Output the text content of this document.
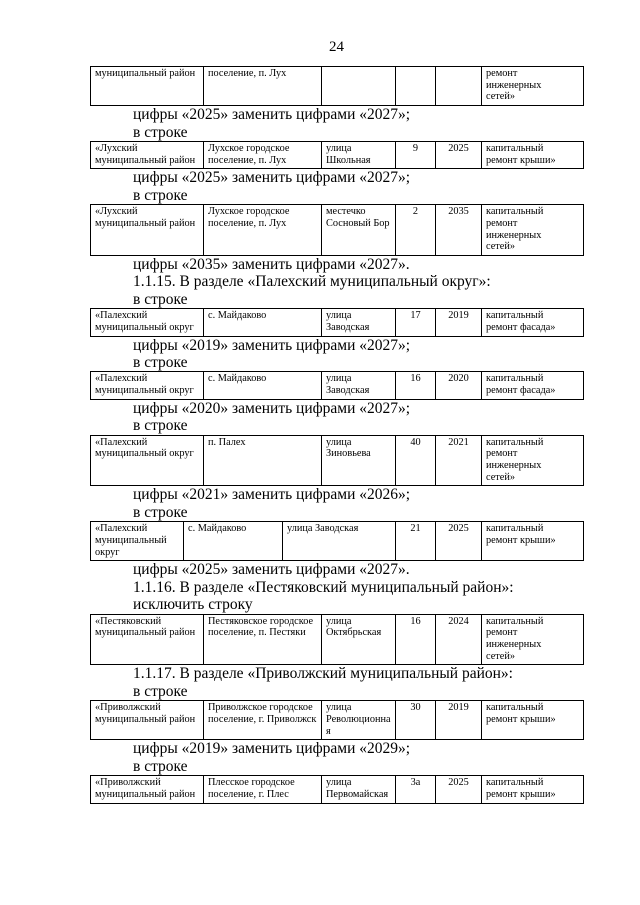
24
муниципальный район	поселение, п. Лух				ремонт инженерных сетей»

цифры «2025» заменить цифрами «2027»;

в строке

«Лухский муниципальный район	Лухское городское поселение, п. Лух	улица Школьная	9	2025	капитальный ремонт крыши»

цифры «2025» заменить цифрами «2027»;

в строке

«Лухский муниципальный район	Лухское городское поселение, п. Лух	местечко Сосновый Бор	2	2035	капитальный ремонт инженерных сетей»

цифры «2035» заменить цифрами «2027».

1.1.15. В разделе «Палехский муниципальный округ»:

в строке

«Палехский муниципальный округ	с. Майдаково	улица Заводская	17	2019	капитальный ремонт фасада»

цифры «2019» заменить цифрами «2027»;

в строке

«Палехский муниципальный округ	с. Майдаково	улица Заводская	16	2020	капитальный ремонт фасада»

цифры «2020» заменить цифрами «2027»;

в строке

«Палехский муниципальный округ	п. Палех	улица Зиновьева	40	2021	капитальный ремонт инженерных сетей»

цифры «2021» заменить цифрами «2026»;

в строке

«Палехский муниципальный округ	с. Майдаково	улица Заводская	21	2025	капитальный ремонт крыши»

цифры «2025» заменить цифрами «2027».

1.1.16. В разделе «Пестяковский муниципальный район»:

исключить строку

«Пестяковский муниципальный район	Пестяковское городское поселение, п. Пестяки	улица Октябрьская	16	2024	капитальный ремонт инженерных сетей»

1.1.17. В разделе «Приволжский муниципальный район»:

в строке

«Приволжский муниципальный район	Приволжское городское поселение, г. Приволжск	улица Революционная	30	2019	капитальный ремонт крыши»

цифры «2019» заменить цифрами «2029»;

в строке

«Приволжский муниципальный район	Плесское городское поселение, г. Плес	улица Первомайская	3а	2025	капитальный ремонт крыши»
